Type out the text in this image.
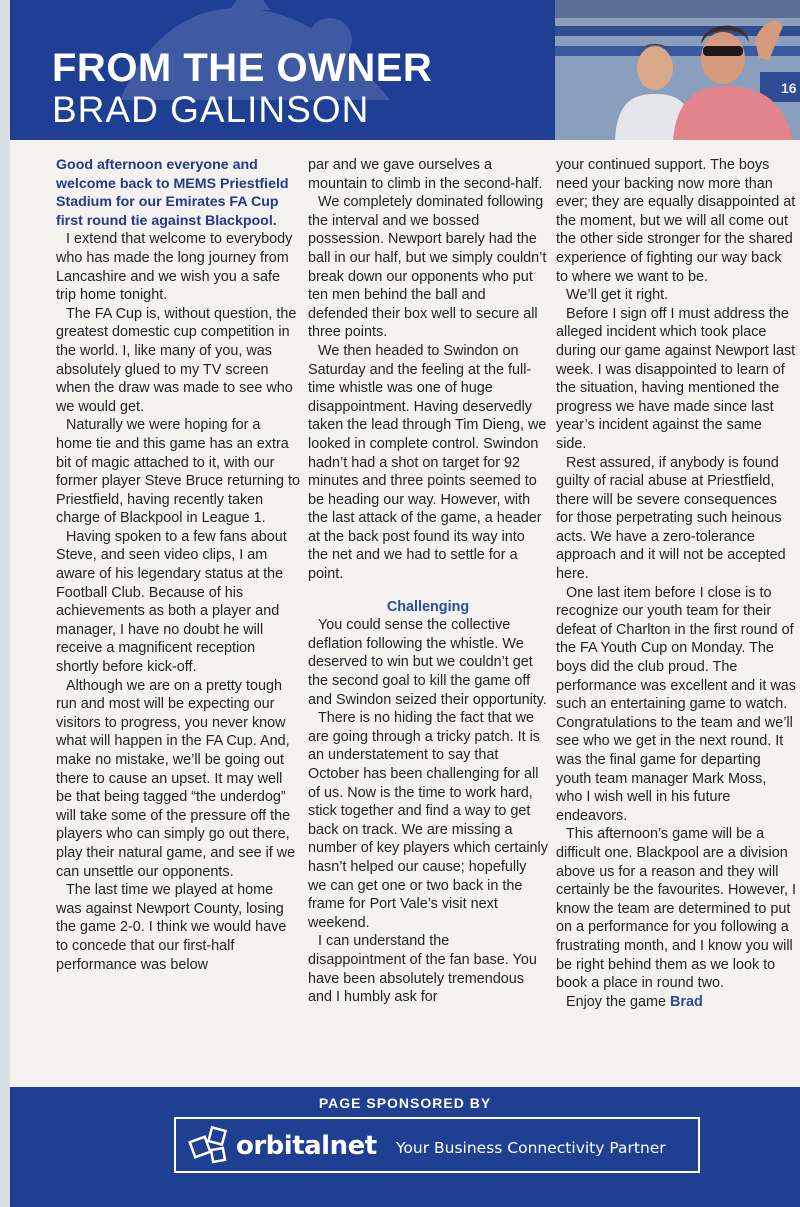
FROM THE OWNER
BRAD GALINSON
16

Good afternoon everyone and welcome back to MEMS Priestfield Stadium for our Emirates FA Cup first round tie against Blackpool.

I extend that welcome to everybody who has made the long journey from Lancashire and we wish you a safe trip home tonight.

The FA Cup is, without question, the greatest domestic cup competition in the world. I, like many of you, was absolutely glued to my TV screen when the draw was made to see who we would get.

Naturally we were hoping for a home tie and this game has an extra bit of magic attached to it, with our former player Steve Bruce returning to Priestfield, having recently taken charge of Blackpool in League 1.

Having spoken to a few fans about Steve, and seen video clips, I am aware of his legendary status at the Football Club. Because of his achievements as both a player and manager, I have no doubt he will receive a magnificent reception shortly before kick-off.

Although we are on a pretty tough run and most will be expecting our visitors to progress, you never know what will happen in the FA Cup. And, make no mistake, we’ll be going out there to cause an upset. It may well be that being tagged “the underdog” will take some of the pressure off the players who can simply go out there, play their natural game, and see if we can unsettle our opponents.

The last time we played at home was against Newport County, losing the game 2-0. I think we would have to concede that our first-half performance was below

par and we gave ourselves a mountain to climb in the second-half.

We completely dominated following the interval and we bossed possession. Newport barely had the ball in our half, but we simply couldn’t break down our opponents who put ten men behind the ball and defended their box well to secure all three points.

We then headed to Swindon on Saturday and the feeling at the full-time whistle was one of huge disappointment. Having deservedly taken the lead through Tim Dieng, we looked in complete control. Swindon hadn’t had a shot on target for 92 minutes and three points seemed to be heading our way. However, with the last attack of the game, a header at the back post found its way into the net and we had to settle for a point.

Challenging

You could sense the collective deflation following the whistle. We deserved to win but we couldn’t get the second goal to kill the game off and Swindon seized their opportunity.

There is no hiding the fact that we are going through a tricky patch. It is an understatement to say that October has been challenging for all of us. Now is the time to work hard, stick together and find a way to get back on track. We are missing a number of key players which certainly hasn’t helped our cause; hopefully we can get one or two back in the frame for Port Vale’s visit next weekend.

I can understand the disappointment of the fan base. You have been absolutely tremendous and I humbly ask for

your continued support. The boys need your backing now more than ever; they are equally disappointed at the moment, but we will all come out the other side stronger for the shared experience of fighting our way back to where we want to be.

We’ll get it right.

Before I sign off I must address the alleged incident which took place during our game against Newport last week. I was disappointed to learn of the situation, having mentioned the progress we have made since last year’s incident against the same side.

Rest assured, if anybody is found guilty of racial abuse at Priestfield, there will be severe consequences for those perpetrating such heinous acts. We have a zero-tolerance approach and it will not be accepted here.

One last item before I close is to recognize our youth team for their defeat of Charlton in the first round of the FA Youth Cup on Monday. The boys did the club proud. The performance was excellent and it was such an entertaining game to watch. Congratulations to the team and we’ll see who we get in the next round. It was the final game for departing youth team manager Mark Moss, who I wish well in his future endeavors.

This afternoon’s game will be a difficult one. Blackpool are a division above us for a reason and they will certainly be the favourites. However, I know the team are determined to put on a performance for you following a frustrating month, and I know you will be right behind them as we look to book a place in round two.

Enjoy the game Brad

PAGE SPONSORED BY
orbitalnet Your Business Connectivity Partner
